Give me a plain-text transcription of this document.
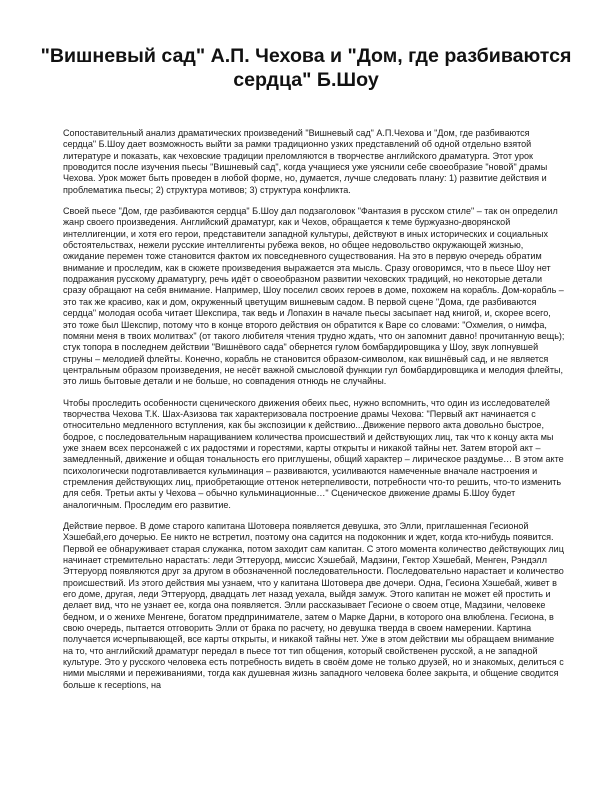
"Вишневый сад" А.П. Чехова и "Дом, где разбиваются сердца" Б.Шоу

Сопоставительный анализ драматических произведений "Вишневый сад" А.П.Чехова и "Дом, где разбиваются сердца" Б.Шоу дает возможность выйти за рамки традиционно узких представлений об одной отдельно взятой литературе и показать, как чеховские традиции преломляются в творчестве английского драматурга. Этот урок проводится после изучения пьесы "Вишневый сад", когда учащиеся уже уяснили себе своеобразие "новой" драмы Чехова. Урок может быть проведен в любой форме, но, думается, лучше следовать плану: 1) развитие действия и проблематика пьесы; 2) структура мотивов; 3) структура конфликта.

Своей пьесе "Дом, где разбиваются сердца" Б.Шоу дал подзаголовок "Фантазия в русском стиле" – так он определил жанр своего произведения. Английский драматург, как и Чехов, обращается к теме буржуазно-дворянской интеллигенции, и хотя его герои, представители западной культуры, действуют в иных исторических и социальных обстоятельствах, нежели русские интеллигенты рубежа веков, но общее недовольство окружающей жизнью, ожидание перемен тоже становится фактом их повседневного существования. На это в первую очередь обратим внимание и проследим, как в сюжете произведения выражается эта мысль. Сразу оговоримся, что в пьесе Шоу нет подражания русскому драматургу, речь идёт о своеобразном развитии чеховских традиций, но некоторые детали сразу обращают на себя внимание. Например, Шоу поселил своих героев в доме, похожем на корабль. Дом-корабль – это так же красиво, как и дом, окруженный цветущим вишневым садом. В первой сцене "Дома, где разбиваются сердца" молодая особа читает Шекспира, так ведь и Лопахин в начале пьесы засыпает над книгой, и, скорее всего, это тоже был Шекспир, потому что в конце второго действия он обратится к Варе со словами: "Охмелия, о нимфа, помяни меня в твоих молитвах" (от такого любителя чтения трудно ждать, что он запомнит давно! прочитанную вещь); стук топора в последнем действии "Вишнёвого сада" обернется гулом бомбардировщика у Шоу, звук лопнувшей струны – мелодией флейты. Конечно, корабль не становится образом-символом, как вишнёвый сад, и не является центральным образом произведения, не несёт важной смысловой функции гул бомбардировщика и мелодия флейты, это лишь бытовые детали и не больше, но совпадения отнюдь не случайны.

Чтобы проследить особенности сценического движения обеих пьес, нужно вспомнить, что один из исследователей творчества Чехова Т.К. Шах-Азизова так характеризовала построение драмы Чехова: "Первый акт начинается с относительно медленного вступления, как бы экспозиции к действию...Движение первого акта довольно быстрое, бодрое, с последовательным наращиванием количества происшествий и действующих лиц, так что к концу акта мы уже знаем всех персонажей с их радостями и горестями, карты открыты и никакой тайны нет. Затем второй акт – замедленный, движение и общая тональность его приглушены, общий характер – лирическое раздумье… В этом акте психологически подготавливается кульминация – развиваются, усиливаются намеченные вначале настроения и стремления действующих лиц, приобретающие оттенок нетерпеливости, потребности что-то решить, что-то изменить для себя. Третьи акты у Чехова – обычно кульминационные…" Сценическое движение драмы Б.Шоу будет аналогичным. Проследим его развитие.

Действие первое. В доме старого капитана Шотовера появляется девушка, это Элли, приглашенная Гесионой Хэшебай,его дочерью. Ее никто не встретил, поэтому она садится на подоконник и ждет, когда кто-нибудь появится. Первой ее обнаруживает старая служанка, потом заходит сам капитан. С этого момента количество действующих лиц начинает стремительно нарастать: леди Эттеруорд, миссис Хэшебай, Мадзини, Гектор Хэшебай, Менген, Рэндэлл Эттеруорд появляются друг за другом в обозначенной последовательности. Последовательно нарастает и количество происшествий. Из этого действия мы узнаем, что у капитана Шотовера две дочери. Одна, Гесиона Хэшебай, живет в его доме, другая, леди Эттеруорд, двадцать лет назад уехала, выйдя замуж. Этого капитан не может ей простить и делает вид, что не узнает ее, когда она появляется. Элли рассказывает Гесионе о своем отце, Мадзини, человеке бедном, и о женихе Менгене, богатом предпринимателе, затем о Марке Дарни, в которого она влюблена. Гесиона, в свою очередь, пытается отговорить Элли от брака по расчету, но девушка тверда в своем намерении. Картина получается исчерпывающей, все карты открыты, и никакой тайны нет. Уже в этом действии мы обращаем внимание на то, что английский драматург передал в пьесе тот тип общения, который свойственен русской, а не западной культуре. Это у русского человека есть потребность видеть в своём доме не только друзей, но и знакомых, делиться с ними мыслями и переживаниями, тогда как душевная жизнь западного человека более закрыта, и общение сводится больше к receptions, на
